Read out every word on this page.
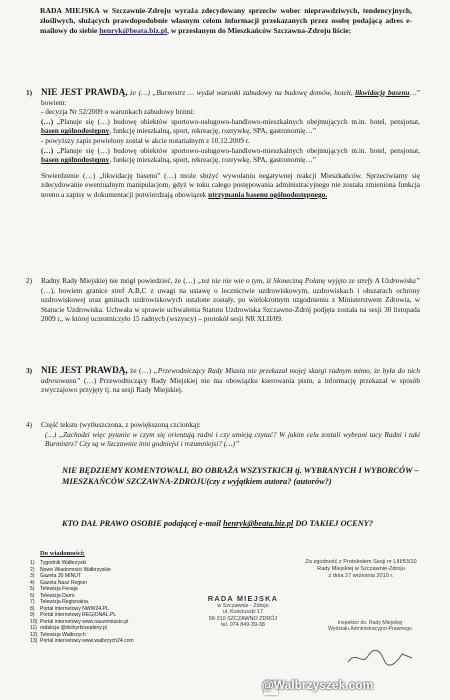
RADA MIEJSKA w Szczawnie-Zdroju wyraża zdecydowany sprzeciw wobec nieprawdziwych, tendencyjnych, złośliwych, służących prawdopodobnie własnym celom informacji przekazanych przez osobę podającą adres e-mailowy do siebie henryk@beata.biz.pl, w przesłanym do Mieszkańców Szczawna-Zdroju liście:
1) NIE JEST PRAWDĄ, że (…) „Burmistrz … wydał warunki zabudowy na budowę domów, hoteli, likwidację basenu…” bowiem:

- decyzja Nr 52/2009 o warunkach zabudowy brzmi:

(…) „Planuje się (…) budowę obiektów sportowo-usługowo-handlowo-mieszkalnych obejmujących m.in. hotel, pensjonat, basen ogólnodostępny, funkcję mieszkalną, sport, rekreację, rozrywkę, SPA, gastronomię…”

- powyższy zapis powielony został w akcie notarialnym z 10.12.2009 r.

(…) „Planuje się (…) budowę obiektów sportowo-usługowo-handlowo-mieszkalnych obejmujących m.in. hotel, pensjonat, basen ogólnodostępny, funkcję mieszkalną, sport, rekreację, rozrywkę, SPA, gastronomię…”

Stwierdzenie (…) „likwidację basenu” (…) może służyć wywołaniu negatywnej reakcji Mieszkańców. Sprzeciwiamy się zdecydowanie ewentualnym manipulacjom, gdyż w toku całego postępowania administracyjnego nie została zmieniona funkcja terenu a zapisy w dokumentacji potwierdzają obowiązek utrzymania basenu ogólnodostępnego.

2)	Radny Rady Miejskiej nie mógł powiedzieć, że (…) „też nie nie wie o tym, iż Słoneczną Polanę wyjęto ze strefy A Uzdrowiska” (…), bowiem granice stref A,B,C z uwagi na ustawę o lecznictwie uzdrowiskowym, uzdrowiskach i obszarach ochrony uzdrowiskowej oraz gminach uzdrowiskowych ustalone zostały, po wielokrotnym uzgodnieniu z Ministerstwem Zdrowia, w Statucie Uzdrowiska. Uchwała w sprawie uchwalenia Statutu Uzdrowiska Szczawno-Zdrój podjęta została na sesji 30 listopada 2009 r., w której uczestniczyło 15 radnych (wszyscy) – protokół sesji NR XLII/09.

3) NIE JEST PRAWDĄ, że (…) „Przewodniczący Rady Miasta nie przekazał mojej skargi radnym mimo, że była do nich adresowana” (…) Przewodniczący Rady Miejskiej nie ma obowiązku kserowania pism, a informację przekazał w sposób zwyczajowo przyjęty tj. na sesji Rady Miejskiej.

4)	Część tekstu (wytłuszczona, z powiększoną czcionką):

(…) „Zachodzi więc pytanie w czym się orientują radni i czy umieją czytać? W jakim celu zostali wybrani tacy Radni i taki Burmistrz? Czy są w Szczawnie inni godniejsi i rozumniejsi? (…)”

NIE BĘDZIEMY KOMENTOWALI, BO OBRAŻA WSZYSTKICH tj. WYBRANYCH I WYBORCÓW – MIESZKAŃCÓW SZCZAWNA-ZDROJU(czy z wyjątkiem autora? (autorów?)
KTO DAŁ PRAWO OSOBIE podającej e-mail henryk@beata.biz.pl DO TAKIEJ OCENY?
Do wiadomości:
1) Tygodnik Wałbrzyski
2) Nowe Wiadomości Wałbrzyskie
3) Gazeta 30 MINUT
4) Gazeta Nasz Region
5) Telewizja Fenaja
6) Telewizja Dami.
7) Telewizja Regionalna.
8) Portal internetowy NWW24.PL
9) Portal internetowy REGIONAL.PL
10) Portal internetowy www.naszemiasto.pl
11) redakcja @dolnyrbrzepbiny.pl
12) Telewizja Wałbrzych
13) Portal internetowy www.walbrzych24.com
Za zgodność z Protokołem Sesji nr LIII/53/10
Rady Miejskiej w Szczawnie-Zdroju
z dnia 27 września 2010 r.
RADA MIEJSKA
w Szczawnie - Zdroju
ul. Kościuszki 17
58-310 SZCZAWNO ZDRÓJ
tel. 074 849-39-38	Inspektor ds. Rady Miejskiej
Wydziału Administracyjno-Prawnego
@Walbrzyszek.com
